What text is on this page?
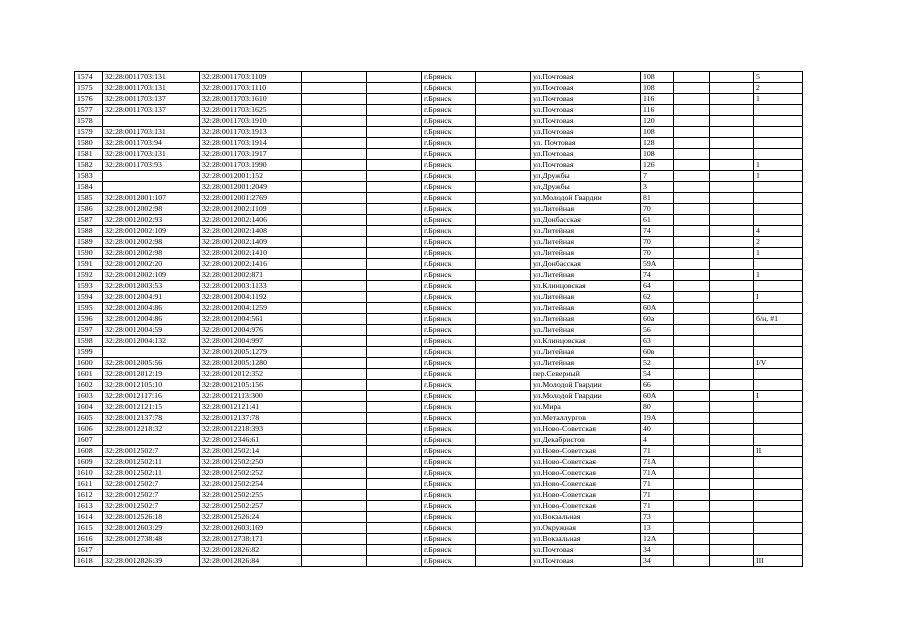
1574	32:28:0011703:131	32:28:0011703:1109			г.Брянск		ул.Почтовая	108			5
1575	32:28:0011703:131	32:28:0011703:1110			г.Брянск		ул.Почтовая	108			2
1576	32:28:0011703:137	32:28:0011703:1610			г.Брянск		ул.Почтовая	116			1
1577	32:28:0011703:137	32:28:0011703:1625			г.Брянск		ул.Почтовая	116			
1578		32:28:0011703:1910			г.Брянск		ул.Почтовая	120			
1579	32:28:0011703:131	32:28:0011703:1913			г.Брянск		ул.Почтовая	108			
1580	32:28:0011703:94	32:28:0011703:1914			г.Брянск		ул. Почтовая	128			
1581	32:28:0011703:131	32:28:0011703:1917			г.Брянск		ул.Почтовая	108			
1582	32:28:0011703:93	32:28:0011703:1990			г.Брянск		ул.Почтовая	126			1
1583		32:28:0012001:152			г.Брянск		ул.Дружбы	7			1
1584		32:28:0012001:2049			г.Брянск		ул.Дружбы	3			
1585	32:28:0012001:107	32:28:0012001:2769			г.Брянск		ул.Молодой Гвардии	81			
1586	32:28:0012002:98	32:28:0012002:1109			г.Брянск		ул.Литейная	70			
1587	32:28:0012002:93	32:28:0012002:1406			г.Брянск		ул.Донбасская	61			
1588	32:28:0012002:109	32:28:0012002:1408			г.Брянск		ул.Литейная	74			4
1589	32:28:0012002:98	32:28:0012002:1409			г.Брянск		ул.Литейная	70			2
1590	32:28:0012002:98	32:28:0012002:1410			г.Брянск		ул.Литейная	70			1
1591	32:28:0012002:20	32:28:0012002:1416			г.Брянск		ул.Донбасская	59А			
1592	32:28:0012002:109	32:28:0012002:871			г.Брянск		ул.Литейная	74			1
1593	32:28:0012003:53	32:28:0012003:1133			г.Брянск		ул.Клинцовская	64			
1594	32:28:0012004:91	32:28:0012004:1192			г.Брянск		ул.Литейная	62			I
1595	32:28:0012004:86	32:28:0012004:1259			г.Брянск		ул.Литейная	60А			
1596	32:28:0012004:86	32:28:0012004:561			г.Брянск		ул.Литейная	60а			б/н, #1
1597	32:28:0012004:59	32:28:0012004:976			г.Брянск		ул.Литейная	56			
1598	32:28:0012004:132	32:28:0012004:997			г.Брянск		ул.Клинцовская	63			
1599		32:28:0012005:1279			г.Брянск		ул.Литейная	60в			
1600	32:28:0012005:56	32:28:0012005:1280			г.Брянск		ул.Литейная	52			I/V
1601	32:28:0012012:19	32:28:0012012:352			г.Брянск		пер.Северный	54			
1602	32:28:0012105:10	32:28:0012105:156			г.Брянск		ул.Молодой Гвардии	66			
1603	32:28:0012117:16	32:28:0012113:300			г.Брянск		ул.Молодой Гвардии	60А			I
1604	32:28:0012121:15	32:28:0012121:41			г.Брянск		ул.Мира	80			
1605	32:28:0012137:78	32:28:0012137:78			г.Брянск		ул.Металлургов	19А			
1606	32:28:0012218:32	32:28:0012218:393			г.Брянск		ул.Ново-Советская	40			
1607		32:28:0012346:61			г.Брянск		ул.Декабристов	4			
1608	32:28:0012502:7	32:28:0012502:14			г.Брянск		ул.Ново-Советская	71			II
1609	32:28:0012502:11	32:28:0012502:250			г.Брянск		ул.Ново-Советская	71А			
1610	32:28:0012502:11	32:28:0012502:252			г.Брянск		ул.Ново-Советская	71А			
1611	32:28:0012502:7	32:28:0012502:254			г.Брянск		ул.Ново-Советская	71			
1612	32:28:0012502:7	32:28:0012502:255			г.Брянск		ул.Ново-Советская	71			
1613	32:28:0012502:7	32:28:0012502:257			г.Брянск		ул.Ново-Советская	71			
1614	32:28:0012526:18	32:28:0012526:24			г.Брянск		ул.Вокзальная	73			
1615	32:28:0012603:29	32:28:0012603:169			г.Брянск		ул.Окружная	13			
1616	32:28:0012738:48	32:28:0012738:171			г.Брянск		ул.Вокзальная	12А			
1617		32:28:0012826:82			г.Брянск		ул.Почтовая	34			
1618	32:28:0012826:39	32:28:0012826:84			г.Брянск		ул.Почтовая	34			III
